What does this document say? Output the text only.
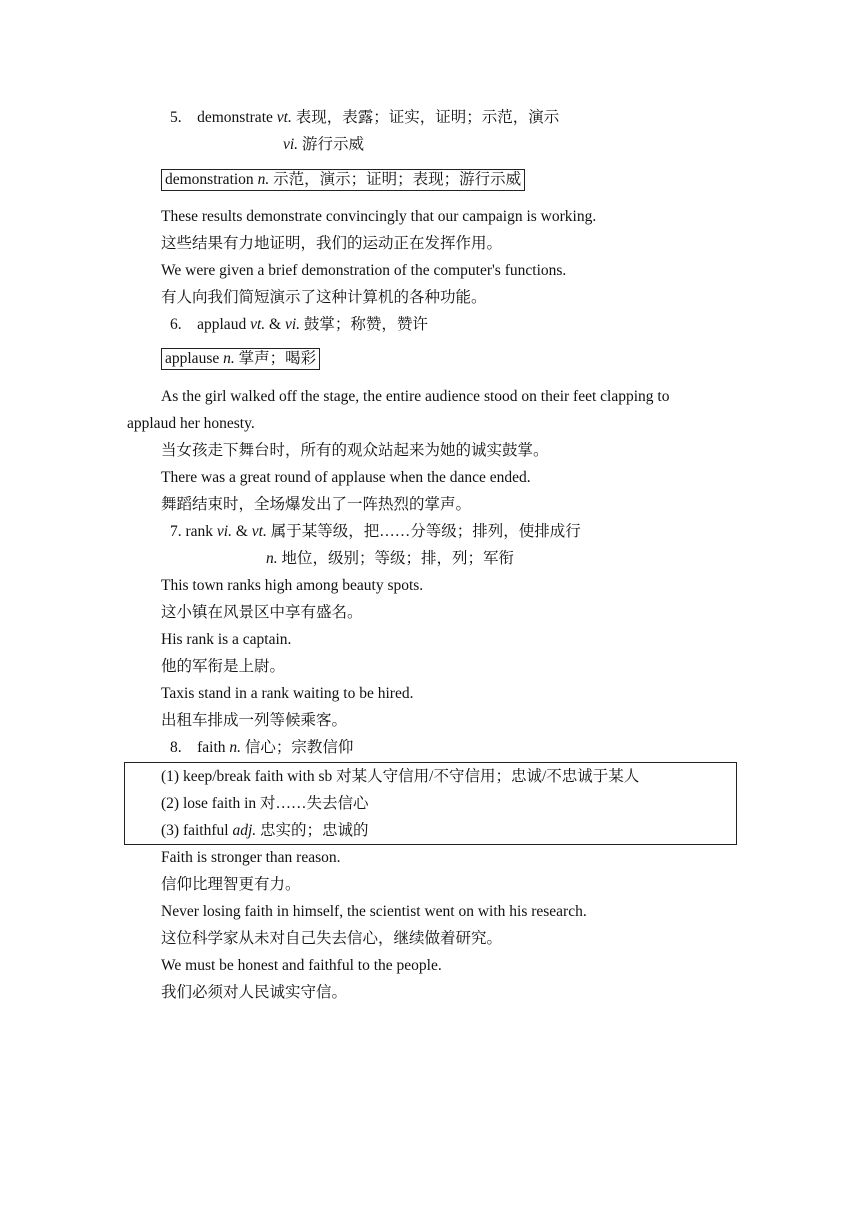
5. demonstrate vt. 表现，表露；证实，证明；示范，演示
vi. 游行示威
demonstration n. 示范，演示；证明；表现；游行示威
These results demonstrate convincingly that our campaign is working.
这些结果有力地证明，我们的运动正在发挥作用。
We were given a brief demonstration of the computer's functions.
有人向我们简短演示了这种计算机的各种功能。
6. applaud vt. & vi. 鼓掌；称赞，赞许
applause n. 掌声；喝彩
As the girl walked off the stage, the entire audience stood on their feet clapping to
applaud her honesty.
当女孩走下舞台时，所有的观众站起来为她的诚实鼓掌。
There was a great round of applause when the dance ended.
舞蹈结束时，全场爆发出了一阵热烈的掌声。
7. rank vi. & vt. 属于某等级，把……分等级；排列，使排成行
n. 地位，级别；等级；排，列；军衔
This town ranks high among beauty spots.
这小镇在风景区中享有盛名。
His rank is a captain.
他的军衔是上尉。
Taxis stand in a rank waiting to be hired.
出租车排成一列等候乘客。
8. faith n. 信心；宗教信仰
(1) keep/break faith with sb 对某人守信用/不守信用；忠诚/不忠诚于某人
(2) lose faith in 对……失去信心
(3) faithful adj. 忠实的；忠诚的
Faith is stronger than reason.
信仰比理智更有力。
Never losing faith in himself, the scientist went on with his research.
这位科学家从未对自己失去信心，继续做着研究。
We must be honest and faithful to the people.
我们必须对人民诚实守信。
